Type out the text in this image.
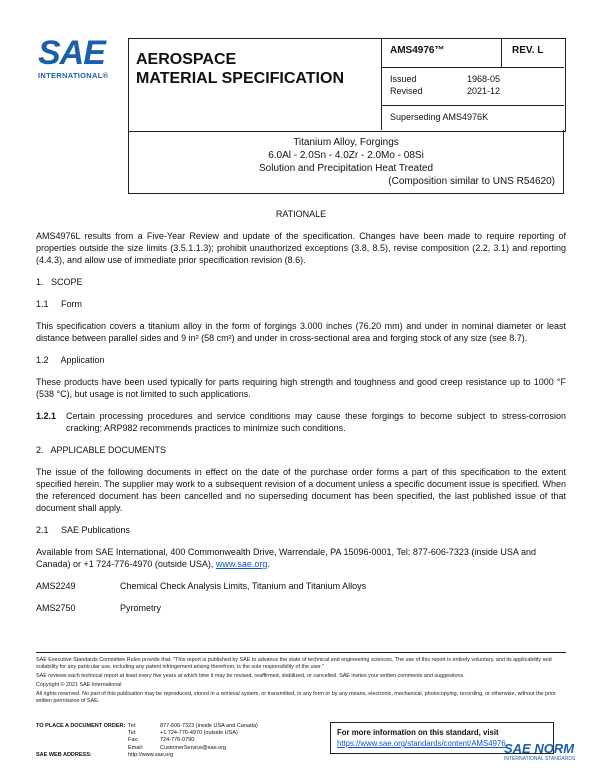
SAE
INTERNATIONAL®
AEROSPACE
MATERIAL SPECIFICATION
AMS4976™	REV. L
Issued	1968-05
Revised	2021-12
Superseding AMS4976K
Titanium Alloy, Forgings
6.0Al - 2.0Sn - 4.0Zr - 2.0Mo - 08Si
Solution and Precipitation Heat Treated
(Composition similar to UNS R54620)

RATIONALE

AMS4976L results from a Five-Year Review and update of the specification. Changes have been made to require reporting of properties outside the size limits (3.5.1.1.3); prohibit unauthorized exceptions (3.8, 8.5), revise composition (2.2, 3.1) and reporting (4.4.3), and allow use of immediate prior specification revision (8.6).

1.   SCOPE

1.1     Form

This specification covers a titanium alloy in the form of forgings 3.000 inches (76.20 mm) and under in nominal diameter or least distance between parallel sides and 9 in² (58 cm²) and under in cross-sectional area and forging stock of any size (see 8.7).

1.2     Application

These products have been used typically for parts requiring high strength and toughness and good creep resistance up to 1000 °F (538 °C), but usage is not limited to such applications.

1.2.1	Certain processing procedures and service conditions may cause these forgings to become subject to stress-corrosion cracking; ARP982 recommends practices to minimize such conditions.

2.   APPLICABLE DOCUMENTS

The issue of the following documents in effect on the date of the purchase order forms a part of this specification to the extent specified herein. The supplier may work to a subsequent revision of a document unless a specific document issue is specified. When the referenced document has been cancelled and no superseding document has been specified, the last published issue of that document shall apply.

2.1     SAE Publications

Available from SAE International, 400 Commonwealth Drive, Warrendale, PA 15096-0001, Tel: 877-606-7323 (inside USA and Canada) or +1 724-776-4970 (outside USA), www.sae.org.

AMS2249	Chemical Check Analysis Limits, Titanium and Titanium Alloys
AMS2750	Pyrometry

SAE Executive Standards Committee Rules provide that: "This report is published by SAE to advance the state of technical and engineering sciences. The use of this report is entirely voluntary, and its applicability and suitability for any particular use, including any patent infringement arising therefrom, is the sole responsibility of the user."

SAE reviews each technical report at least every five years at which time it may be revised, reaffirmed, stabilized, or cancelled. SAE invites your written comments and suggestions.

Copyright © 2021 SAE International

All rights reserved. No part of this publication may be reproduced, stored in a retrieval system, or transmitted, in any form or by any means, electronic, mechanical, photocopying, recording, or otherwise, without the prior written permission of SAE.

TO PLACE A DOCUMENT ORDER: Tel:	877-606-7323 (inside USA and Canada)
Tel:	+1 724-776-4970 (outside USA)
Fax:	724-776-0790
Email:	CustomerService@sae.org
SAE WEB ADDRESS:	http://www.sae.org
For more information on this standard, visit
https://www.sae.org/standards/content/AMS4976
SAE NORM
INTERNATIONAL STANDARDS
